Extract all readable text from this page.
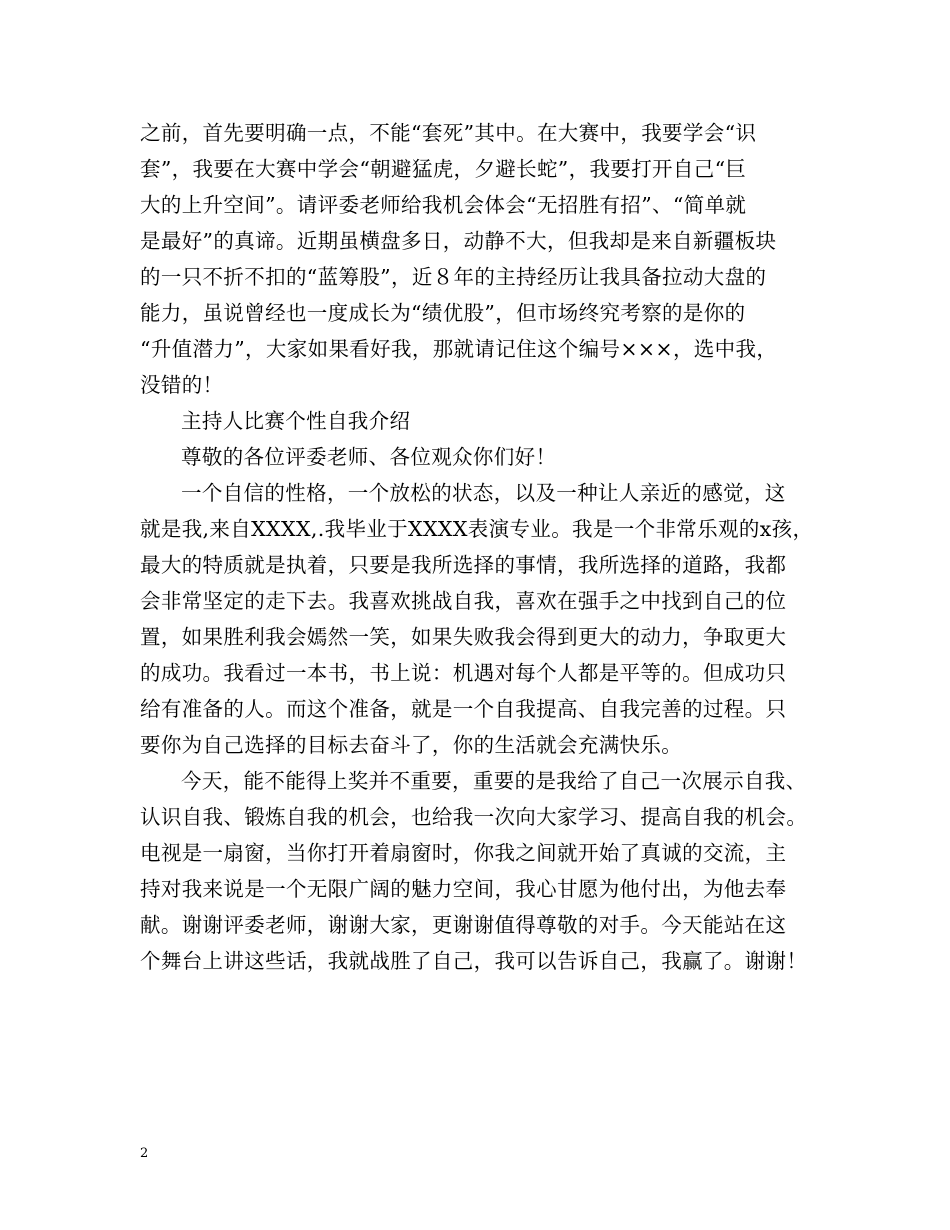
之前，首先要明确一点，不能“套死”其中。在大赛中，我要学会“识
套”，我要在大赛中学会“朝避猛虎，夕避长蛇”，我要打开自己“巨
大的上升空间”。请评委老师给我机会体会“无招胜有招”、“简单就
是最好”的真谛。近期虽横盘多日，动静不大，但我却是来自新疆板块
的一只不折不扣的“蓝筹股”，近８年的主持经历让我具备拉动大盘的
能力，虽说曾经也一度成长为“绩优股”，但市场终究考察的是你的
“升值潜力”，大家如果看好我，那就请记住这个编号×××，选中我，
没错的！
主持人比赛个性自我介绍
尊敬的各位评委老师、各位观众你们好！
一个自信的性格，一个放松的状态，以及一种让人亲近的感觉，这
就是我,来自XXXX,.我毕业于XXXX表演专业。我是一个非常乐观的x孩，
最大的特质就是执着，只要是我所选择的事情，我所选择的道路，我都
会非常坚定的走下去。我喜欢挑战自我，喜欢在强手之中找到自己的位
置，如果胜利我会嫣然一笑，如果失败我会得到更大的动力，争取更大
的成功。我看过一本书，书上说：机遇对每个人都是平等的。但成功只
给有准备的人。而这个准备，就是一个自我提高、自我完善的过程。只
要你为自己选择的目标去奋斗了，你的生活就会充满快乐。
今天，能不能得上奖并不重要，重要的是我给了自己一次展示自我、
认识自我、锻炼自我的机会，也给我一次向大家学习、提高自我的机会。
电视是一扇窗，当你打开着扇窗时，你我之间就开始了真诚的交流，主
持对我来说是一个无限广阔的魅力空间，我心甘愿为他付出，为他去奉
献。谢谢评委老师，谢谢大家，更谢谢值得尊敬的对手。今天能站在这
个舞台上讲这些话，我就战胜了自己，我可以告诉自己，我赢了。谢谢！
2
